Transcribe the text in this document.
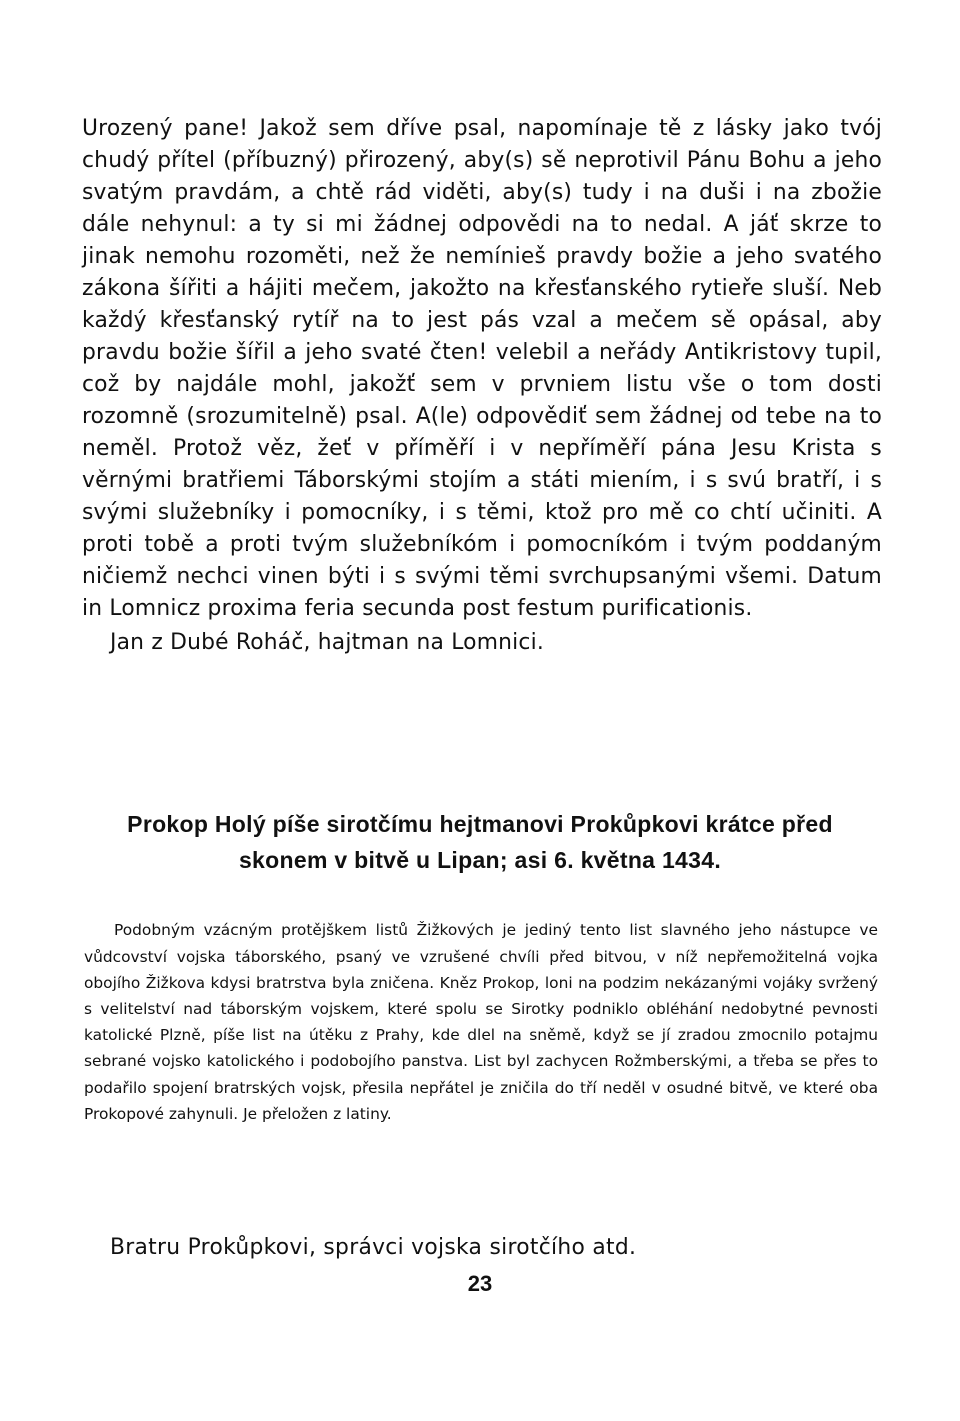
Urozený pane! Jakož sem dříve psal, napomínaje tě z lásky jako tvój chudý přítel (příbuzný) přirozený, aby(s) sě neprotivil Pánu Bohu a jeho svatým pravdám, a chtě rád viděti, aby(s) tudy i na duši i na zbožie dále nehynul: a ty si mi žádnej odpovědi na to nedal. A jáť skrze to jinak nemohu rozoměti, než že nemínieš pravdy božie a jeho svatého zákona šířiti a hájiti mečem, jakožto na křesťanského rytieře sluší. Neb každý křesťanský rytíř na to jest pás vzal a mečem sě opásal, aby pravdu božie šířil a jeho svaté čten! velebil a neřády Antikristovy tupil, což by najdále mohl, jakožť sem v prvniem listu vše o tom dosti rozomně (srozumitelně) psal. A(le) odpovědiť sem žádnej od tebe na to neměl. Protož věz, žeť v příměří i v nepříměří pána Jesu Krista s věrnými bratřiemi Táborskými stojím a státi miením, i s svú bratří, i s svými služebníky i pomocníky, i s těmi, ktož pro mě co chtí učiniti. A proti tobě a proti tvým služebníkóm i pomocníkóm i tvým poddaným ničiemž nechci vinen býti i s svými těmi svrchupsanými všemi. Datum in Lomnicz proxima feria secunda post festum purificationis.

Jan z Dubé Roháč, hajtman na Lomnici.

Prokop Holý píše sirotčímu hejtmanovi Prokůpkovi krátce před

skonem v bitvě u Lipan; asi 6. května 1434.

Podobným vzácným protějškem listů Žižkových je jediný tento list slavného jeho nástupce ve vůdcovství vojska táborského, psaný ve vzrušené chvíli před bitvou, v níž nepřemožitelná vojka obojího Žižkova kdysi bratrstva byla zničena. Kněz Prokop, loni na podzim nekázanými vojáky svržený s velitelství nad táborským vojskem, které spolu se Sirotky podniklo obléhání nedobytné pevnosti katolické Plzně, píše list na útěku z Prahy, kde dlel na sněmě, když se jí zradou zmocnilo potajmu sebrané vojsko katolického i podobojího panstva. List byl zachycen Rožmberskými, a třeba se přes to podařilo spojení bratrských vojsk, přesila nepřátel je zničila do tří neděl v osudné bitvě, ve které oba Prokopové zahynuli. Je přeložen z latiny.

Bratru Prokůpkovi, správci vojska sirotčího atd.

23
